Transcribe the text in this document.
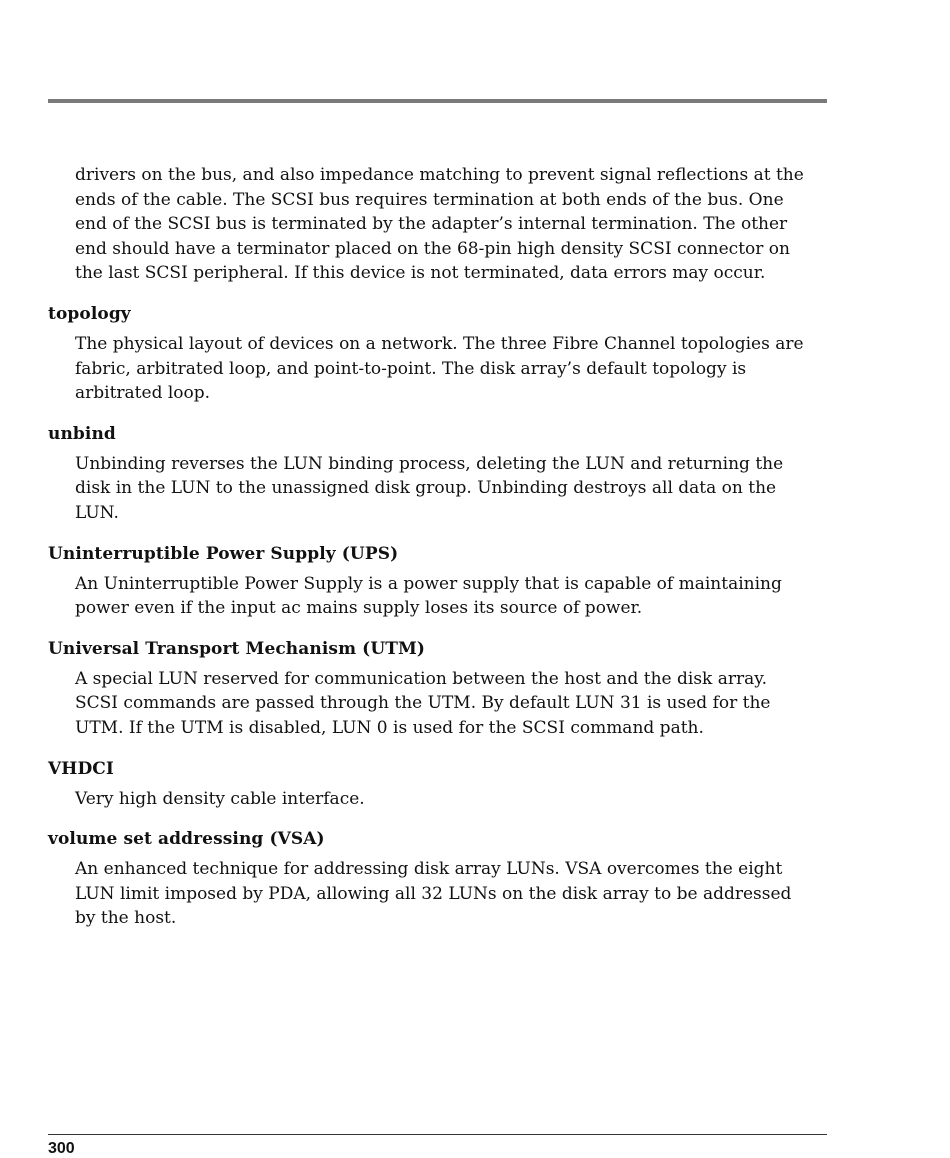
drivers on the bus, and also impedance matching to prevent signal reflections at the ends of the cable. The SCSI bus requires termination at both ends of the bus. One end of the SCSI bus is terminated by the adapter’s internal termination. The other end should have a terminator placed on the 68-pin high density SCSI connector on the last SCSI peripheral. If this device is not terminated, data errors may occur.

topology

The physical layout of devices on a network. The three Fibre Channel topologies are fabric, arbitrated loop, and point-to-point. The disk array’s default topology is arbitrated loop.

unbind

Unbinding reverses the LUN binding process, deleting the LUN and returning the disk in the LUN to the unassigned disk group. Unbinding destroys all data on the LUN.

Uninterruptible Power Supply (UPS)

An Uninterruptible Power Supply is a power supply that is capable of maintaining power even if the input ac mains supply loses its source of power.

Universal Transport Mechanism (UTM)

A special LUN reserved for communication between the host and the disk array. SCSI commands are passed through the UTM. By default LUN 31 is used for the UTM. If the UTM is disabled, LUN 0 is used for the SCSI command path.

VHDCI

Very high density cable interface.

volume set addressing (VSA)

An enhanced technique for addressing disk array LUNs. VSA overcomes the eight LUN limit imposed by PDA, allowing all 32 LUNs on the disk array to be addressed by the host.

300
